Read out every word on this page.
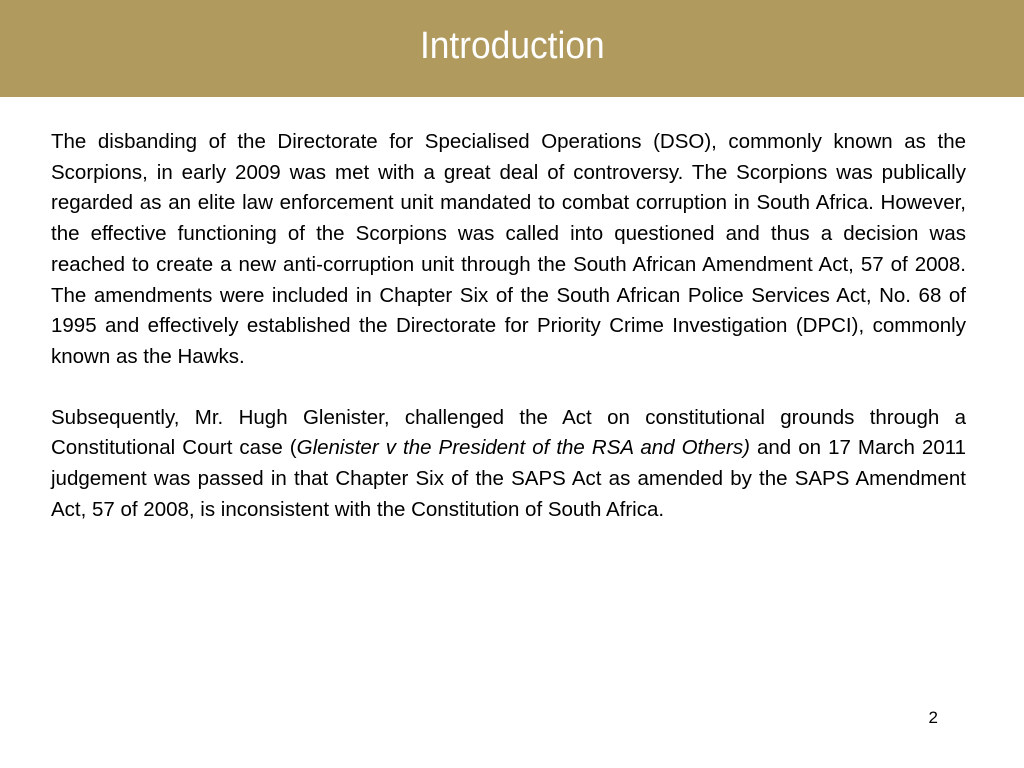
Introduction

The disbanding of the Directorate for Specialised Operations (DSO), commonly known as the Scorpions, in early 2009 was met with a great deal of controversy. The Scorpions was publically regarded as an elite law enforcement unit mandated to combat corruption in South Africa. However, the effective functioning of the Scorpions was called into questioned and thus a decision was reached to create a new anti-corruption unit through the South African Amendment Act, 57 of 2008. The amendments were included in Chapter Six of the South African Police Services Act, No. 68 of 1995 and effectively established the Directorate for Priority Crime Investigation (DPCI), commonly known as the Hawks.

Subsequently, Mr. Hugh Glenister, challenged the Act on constitutional grounds through a Constitutional Court case (Glenister v the President of the RSA and Others) and on 17 March 2011 judgement was passed in that Chapter Six of the SAPS Act as amended by the SAPS Amendment Act, 57 of 2008, is inconsistent with the Constitution of South Africa.

2
